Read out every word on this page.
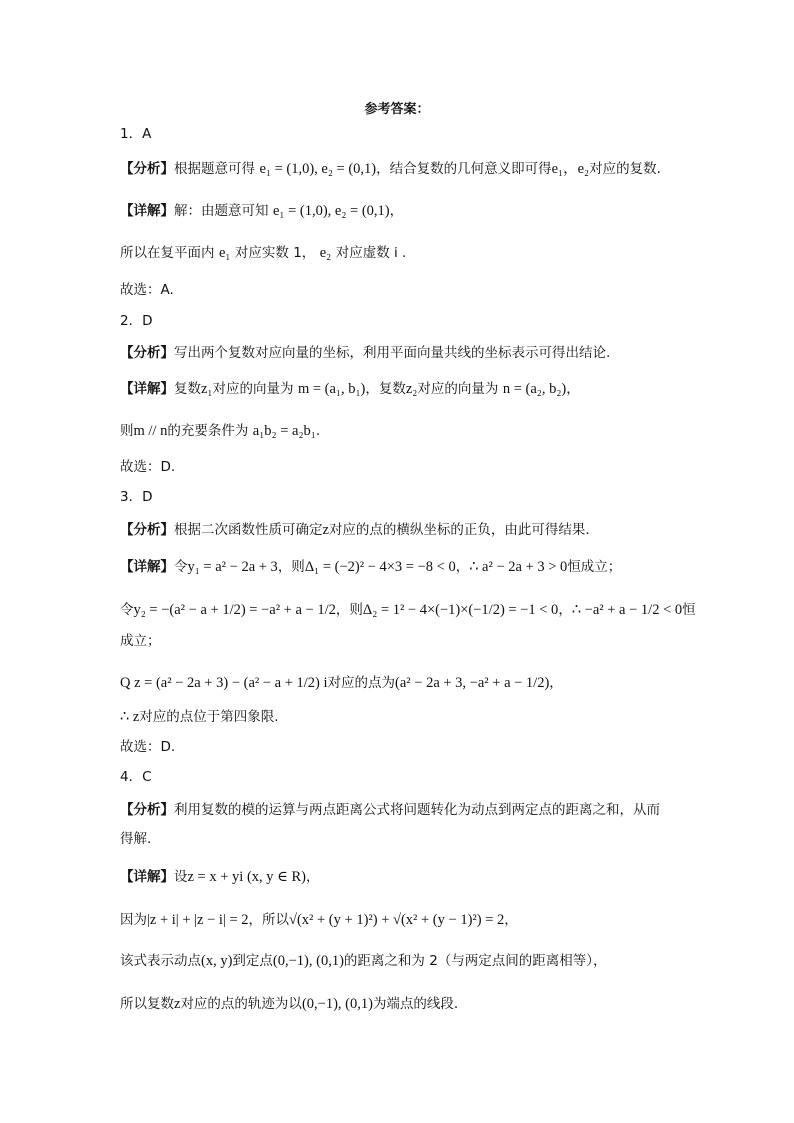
参考答案：
1．A
【分析】根据题意可得 e₁ = (1,0), e₂ = (0,1)，结合复数的几何意义即可得e₁，e₂对应的复数.
【详解】解：由题意可知 e₁ = (1,0), e₂ = (0,1)，
所以在复平面内 e₁ 对应实数 1， e₂ 对应虚数 i .
故选：A.
2．D
【分析】写出两个复数对应向量的坐标，利用平面向量共线的坐标表示可得出结论.
【详解】复数z₁对应的向量为 m = (a₁, b₁)，复数z₂对应的向量为 n = (a₂, b₂)，
则m // n的充要条件为 a₁b₂ = a₂b₁.
故选：D.
3．D
【分析】根据二次函数性质可确定z对应的点的横纵坐标的正负，由此可得结果.
【详解】令y₁ = a² − 2a + 3，则Δ₁ = (−2)² − 4×3 = −8 < 0，∴ a² − 2a + 3 > 0恒成立；
令y₂ = −(a² − a + 1/2) = −a² + a − 1/2，则Δ₂ = 1² − 4×(−1)×(−1/2) = −1 < 0，∴ −a² + a − 1/2 < 0恒
成立；
Q z = (a² − 2a + 3) − (a² − a + 1/2) i对应的点为(a² − 2a + 3, −a² + a − 1/2)，
∴ z对应的点位于第四象限.
故选：D.
4．C
【分析】利用复数的模的运算与两点距离公式将问题转化为动点到两定点的距离之和，从而
得解.
【详解】设z = x + yi (x, y ∈ R)，
因为|z + i| + |z − i| = 2，所以√(x² + (y + 1)²) + √(x² + (y − 1)²) = 2，
该式表示动点(x, y)到定点(0,−1), (0,1)的距离之和为 2（与两定点间的距离相等），
所以复数z对应的点的轨迹为以(0,−1), (0,1)为端点的线段.
